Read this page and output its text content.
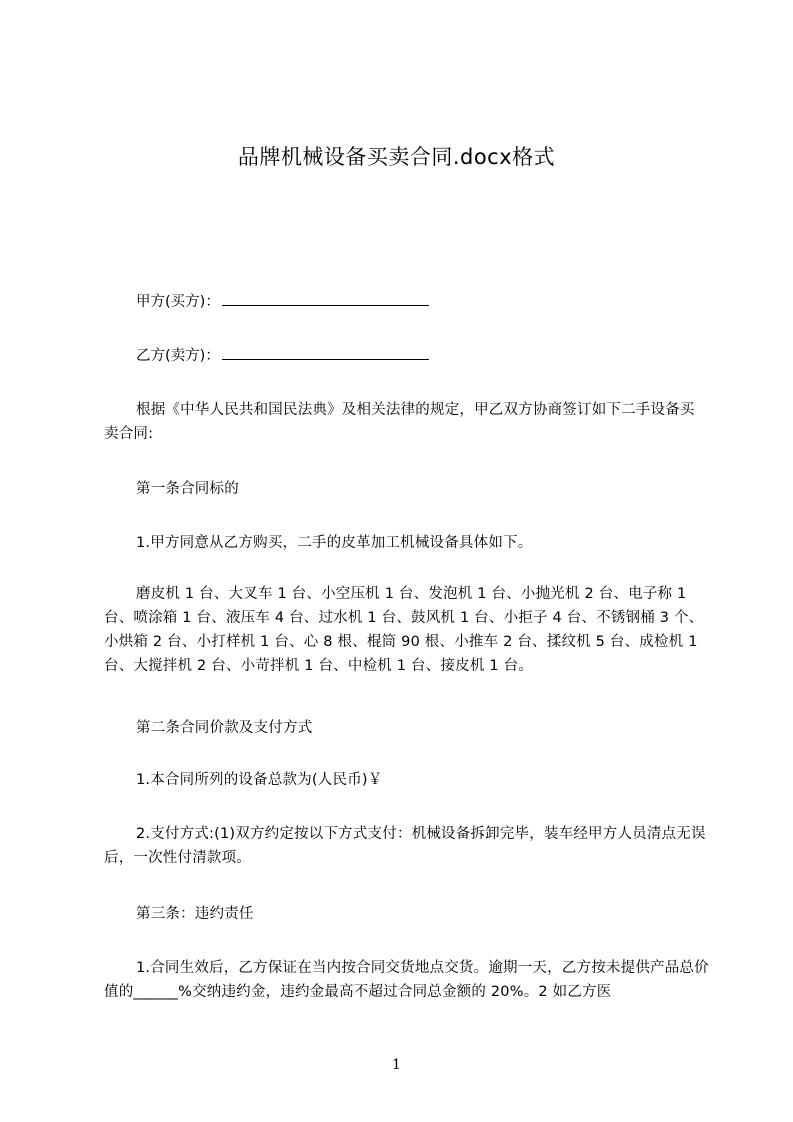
品牌机械设备买卖合同.docx格式
甲方(买方)：
乙方(卖方)：
根据《中华人民共和国民法典》及相关法律的规定，甲乙双方协商签订如下二手设备买卖合同:
第一条合同标的
1.甲方同意从乙方购买，二手的皮革加工机械设备具体如下。
磨皮机 1 台、大叉车 1 台、小空压机 1 台、发泡机 1 台、小抛光机 2 台、电子称 1 台、喷涂箱 1 台、液压车 4 台、过水机 1 台、鼓风机 1 台、小拒子 4 台、不锈钢桶 3 个、小烘箱 2 台、小打样机 1 台、心 8 根、棍筒 90 根、小推车 2 台、揉纹机 5 台、成检机 1 台、大搅拌机 2 台、小苛拌机 1 台、中检机 1 台、接皮机 1 台。
第二条合同价款及支付方式
1.本合同所列的设备总款为(人民币)￥
2.支付方式:(1)双方约定按以下方式支付：机械设备拆卸完毕，装车经甲方人员清点无误后，一次性付清款项。
第三条：违约责任
1.合同生效后，乙方保证在当内按合同交货地点交货。逾期一天，乙方按未提供产品总价值的______%交纳违约金，违约金最高不超过合同总金额的 20%。2 如乙方医
1
